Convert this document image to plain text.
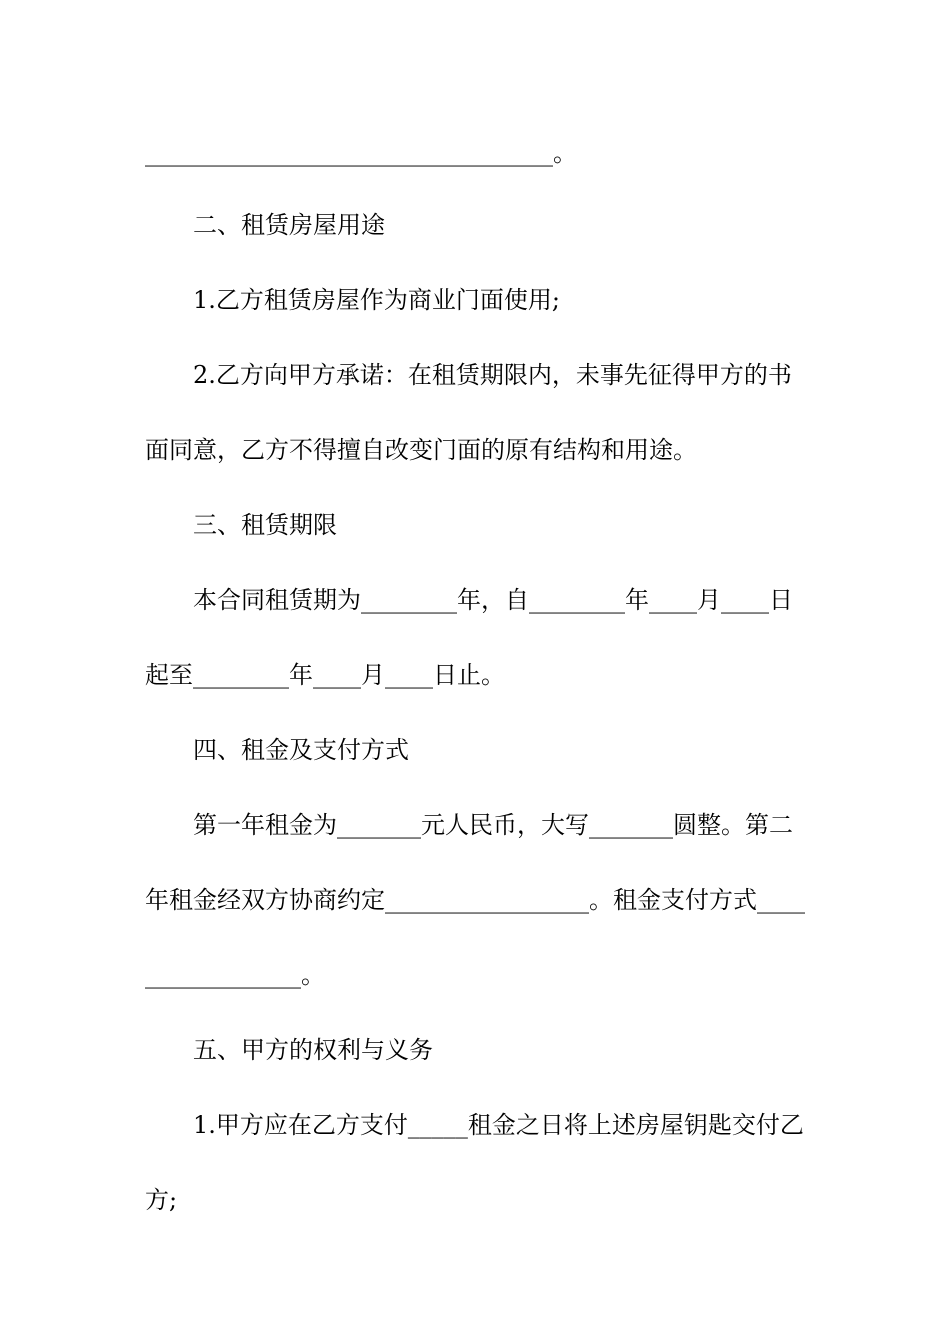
__________________________________。
二、租赁房屋用途
1.乙方租赁房屋作为商业门面使用;
2.乙方向甲方承诺：在租赁期限内，未事先征得甲方的书
面同意，乙方不得擅自改变门面的原有结构和用途。
三、租赁期限
本合同租赁期为________年，自________年____月____日
起至________年____月____日止。
四、租金及支付方式
第一年租金为_______元人民币，大写_______圆整。第二
年租金经双方协商约定_________________。租金支付方式____
_____________。
五、甲方的权利与义务
1.甲方应在乙方支付_____租金之日将上述房屋钥匙交付乙
方;
